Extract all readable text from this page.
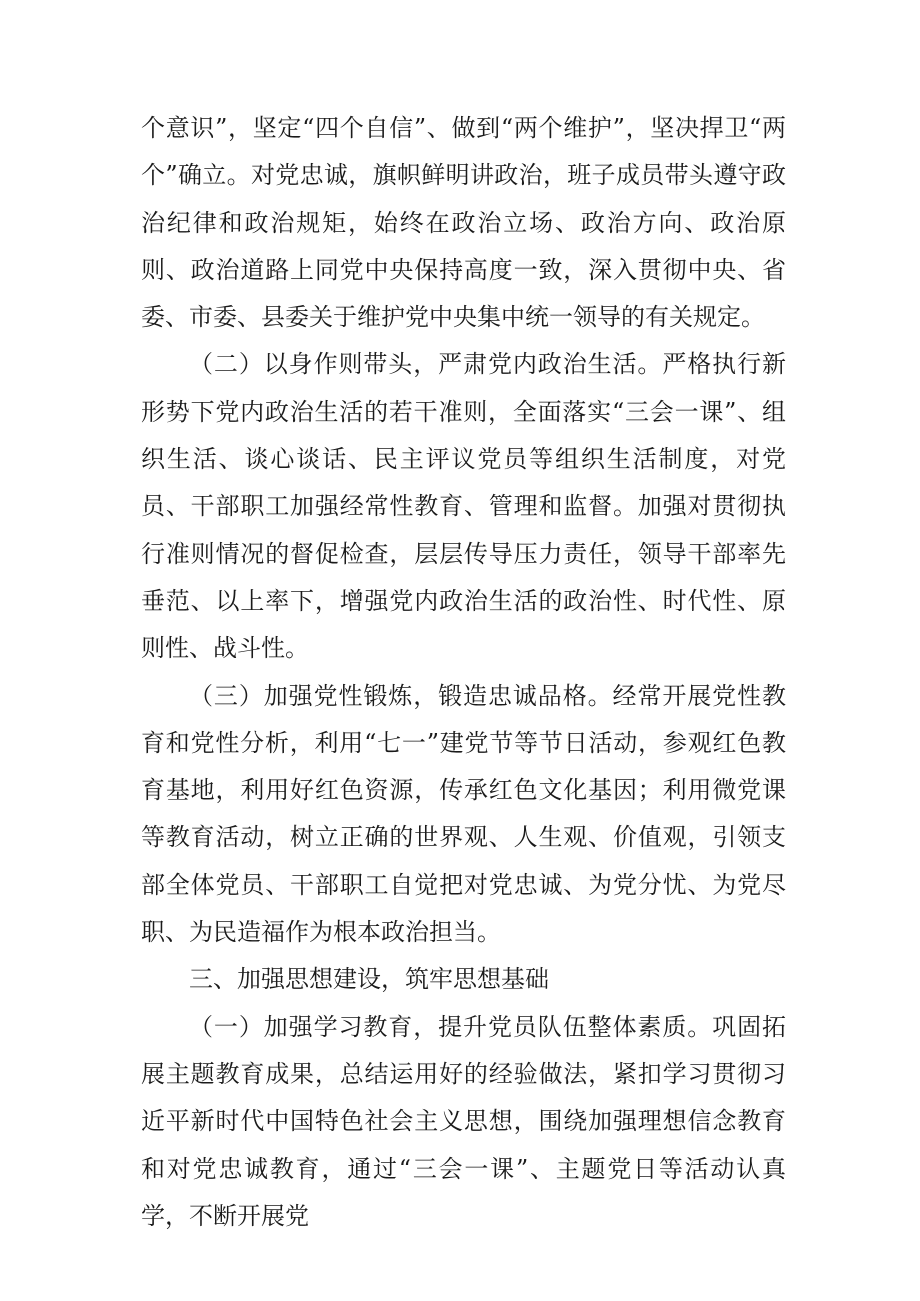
个意识”，坚定“四个自信”、做到“两个维护”，坚决捍卫“两个”确立。对党忠诚，旗帜鲜明讲政治，班子成员带头遵守政治纪律和政治规矩，始终在政治立场、政治方向、政治原则、政治道路上同党中央保持高度一致，深入贯彻中央、省委、市委、县委关于维护党中央集中统一领导的有关规定。

（二）以身作则带头，严肃党内政治生活。严格执行新形势下党内政治生活的若干准则，全面落实“三会一课”、组织生活、谈心谈话、民主评议党员等组织生活制度，对党员、干部职工加强经常性教育、管理和监督。加强对贯彻执行准则情况的督促检查，层层传导压力责任，领导干部率先垂范、以上率下，增强党内政治生活的政治性、时代性、原则性、战斗性。

（三）加强党性锻炼，锻造忠诚品格。经常开展党性教育和党性分析，利用“七一”建党节等节日活动，参观红色教育基地，利用好红色资源，传承红色文化基因；利用微党课等教育活动，树立正确的世界观、人生观、价值观，引领支部全体党员、干部职工自觉把对党忠诚、为党分忧、为党尽职、为民造福作为根本政治担当。

三、加强思想建设，筑牢思想基础

（一）加强学习教育，提升党员队伍整体素质。巩固拓展主题教育成果，总结运用好的经验做法，紧扣学习贯彻习近平新时代中国特色社会主义思想，围绕加强理想信念教育和对党忠诚教育，通过“三会一课”、主题党日等活动认真学，不断开展党
